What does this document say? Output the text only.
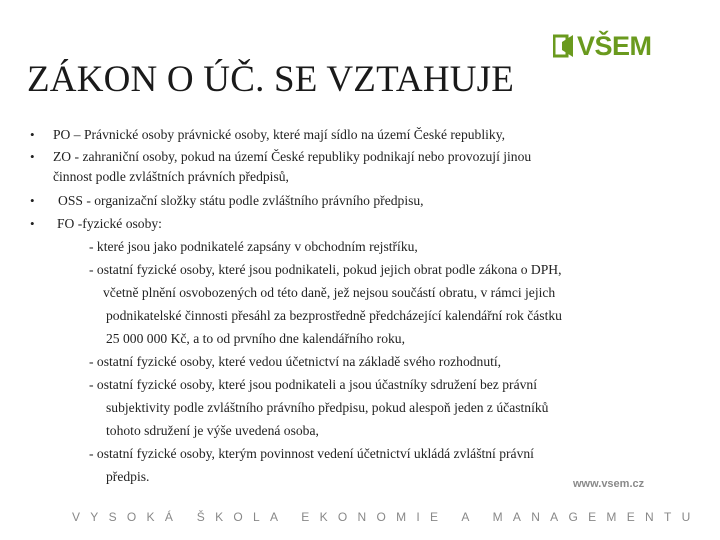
VŠEM
ZÁKON O ÚČ. SE VZTAHUJE
• PO – Právnické osoby právnické osoby, které mají sídlo na území České republiky,
• ZO - zahraniční osoby, pokud na území České republiky podnikají nebo provozují jinou
činnost podle zvláštních právních předpisů,
• OSS - organizační složky státu podle zvláštního právního předpisu,
• FO -fyzické osoby:
- které jsou jako podnikatelé zapsány v obchodním rejstříku,
- ostatní fyzické osoby, které jsou podnikateli, pokud jejich obrat podle zákona o DPH,
včetně plnění osvobozených od této daně, jež nejsou součástí obratu, v rámci jejich
podnikatelské činnosti přesáhl za bezprostředně předcházející kalendářní rok částku
25 000 000 Kč, a to od prvního dne kalendářního roku,
- ostatní fyzické osoby, které vedou účetnictví na základě svého rozhodnutí,
- ostatní fyzické osoby, které jsou podnikateli a jsou účastníky sdružení bez právní
subjektivity podle zvláštního právního předpisu, pokud alespoň jeden z účastníků
tohoto sdružení je výše uvedená osoba,
- ostatní fyzické osoby, kterým povinnost vedení účetnictví ukládá zvláštní právní
předpis.	www.vsem.cz
VYSOKÁ ŠKOLA EKONOMIE A MANAGEMENTU
